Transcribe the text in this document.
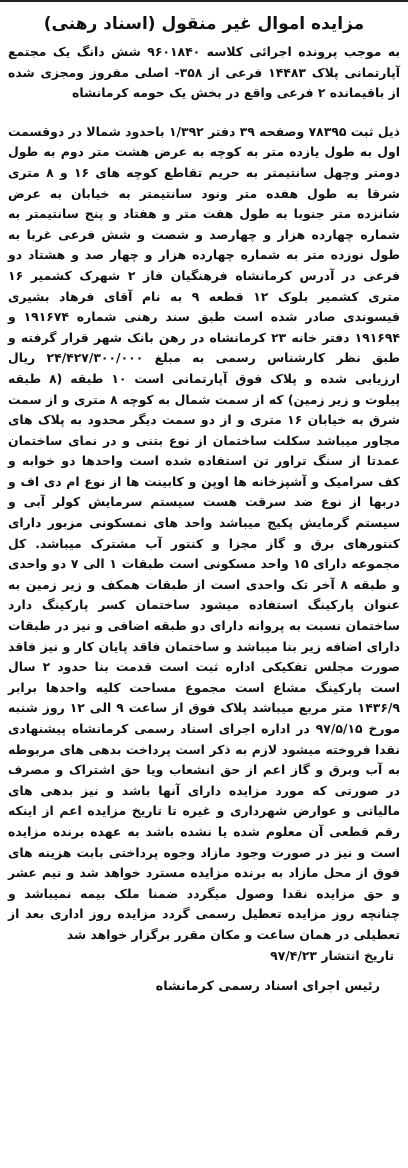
مزایده اموال غیر منقول (اسناد رهنی)

به موجب پرونده اجرائی کلاسه ۹۶۰۱۸۴۰ شش دانگ یک مجتمع آپارتمانی پلاک ۱۴۴۸۳ فرعی از ۳۵۸- اصلی مفروز ومجزی شده از باقیمانده ۲ فرعی واقع در بخش یک حومه کرمانشاه

ذیل ثبت ۷۸۳۹۵ وصفحه ۳۹ دفتر ۱/۳۹۲ باحدود شمالا در دوقسمت اول به طول یازده متر به کوچه به عرض هشت متر دوم به طول دومتر وچهل سانتیمتر به حریم تقاطع کوچه های ۱۶ و ۸ متری شرقا به طول هفده متر ونود سانتیمتر به خیابان به عرض شانزده متر جنوبا به طول هفت متر و هفتاد و پنج سانتیمتر به شماره چهارده هزار و چهارصد و شصت و شش فرعی غربا به طول نوزده متر به شماره چهارده هزار و چهار صد و هشتاد دو فرعی در آدرس کرمانشاه فرهنگیان فاز ۲ شهرک کشمیر ۱۶ متری کشمیر بلوک ۱۲ قطعه ۹ به نام آقای فرهاد بشیری قیسوندی صادر شده است طبق سند رهنی شماره ۱۹۱۶۷۴ و ۱۹۱۶۹۴ دفتر خانه ۲۳ کرمانشاه در رهن بانک شهر قرار گرفته و طبق نظر کارشناس رسمی به مبلغ ۲۴/۴۲۷/۳۰۰/۰۰۰ ریال ارزیابی شده و پلاک فوق آپارتمانی است ۱۰ طبقه (۸ طبقه پیلوت و زیر زمین) که از سمت شمال به کوچه ۸ متری و از سمت شرق به خیابان ۱۶ متری و از دو سمت دیگر محدود به پلاک های مجاور میباشد سکلت ساختمان از نوع بتنی و در نمای ساختمان عمدتا از سنگ تراور تن استفاده شده است واحدها دو خوابه و کف سرامیک و آشپزخانه ها اوپن و کابینت ها از نوع ام دی اف و دربها از نوع ضد سرقت هست سیستم سرمایش کولر آبی و سیستم گرمایش پکیج میباشد واحد های نمسکونی مزبور دارای کنتورهای برق و گاز مجزا و کنتور آب مشترک میباشد. کل مجموعه دارای ۱۵ واحد مسکونی است طبقات ۱ الی ۷ دو واحدی و طبقه ۸ آخر تک واحدی است از طبقات همکف و زیر زمین به عنوان پارکینگ استفاده میشود ساختمان کسر پارکینگ دارد ساختمان نسبت به پروانه دارای دو طبقه اضافی و نیز در طبقات دارای اضافه زیر بنا میباشد و ساختمان فاقد پایان کار و نیز فاقد صورت مجلس تفکیکی اداره ثبت است قدمت بنا حدود ۲ سال است پارکینگ مشاع است مجموع مساحت کلیه واحدها برابر ۱۴۳۶/۹ متر مربع میباشد پلاک فوق از ساعت ۹ الی ۱۲ روز شنبه مورخ ۹۷/۵/۱۵ در اداره اجرای اسناد رسمی کرمانشاه پیشنهادی نقدا فروخته میشود لازم به ذکر است پرداخت بدهی های مربوطه به آب وبرق و گاز اعم از حق انشعاب ویا حق اشتراک و مصرف در صورتی که مورد مزایده دارای آنها باشد و نیز بدهی های مالیاتی و عوارض شهرداری و غیره تا تاریخ مزایده اعم از اینکه رقم قطعی آن معلوم شده یا نشده باشد به عهده برنده مزایده است و نیز در صورت وجود مازاد وجوه پرداختی بابت هزینه های فوق از محل مازاد به برنده مزایده مسترد خواهد شد و نیم عشر و حق مزایده نقدا وصول میگردد ضمنا ملک بیمه نمیباشد و چنانچه روز مزایده تعطیل رسمی گردد مزایده روز اداری بعد از تعطیلی در همان ساعت و مکان مقرر برگزار خواهد شد

تاریخ انتشار ۹۷/۴/۲۳
رئیس اجرای اسناد رسمی کرمانشاه
